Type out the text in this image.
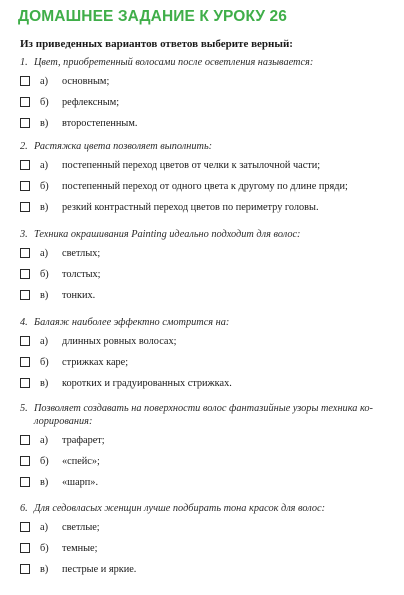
ДОМАШНЕЕ ЗАДАНИЕ К УРОКУ 26
Из приведенных вариантов ответов выберите верный:
1. Цвет, приобретенный волосами после осветления называется:
а) основным;
б) рефлексным;
в) второстепенным.
2. Растяжка цвета позволяет выполнить:
а) постепенный переход цветов от челки к затылочной части;
б) постепенный переход от одного цвета к другому по длине пряди;
в) резкий контрастный переход цветов по периметру головы.
3. Техника окрашивания Painting идеально подходит для волос:
а) светлых;
б) толстых;
в) тонких.
4. Балаяж наиболее эффектно смотрится на:
а) длинных ровных волосах;
б) стрижках каре;
в) коротких и градуированных стрижках.
5. Позволяет создавать на поверхности волос фантазийные узоры техника ко-лорирования:
а) трафарет;
б) «спейс»;
в) «шарп».
6. Для седовласых женщин лучше подбирать тона красок для волос:
а) светлые;
б) темные;
в) пестрые и яркие.
